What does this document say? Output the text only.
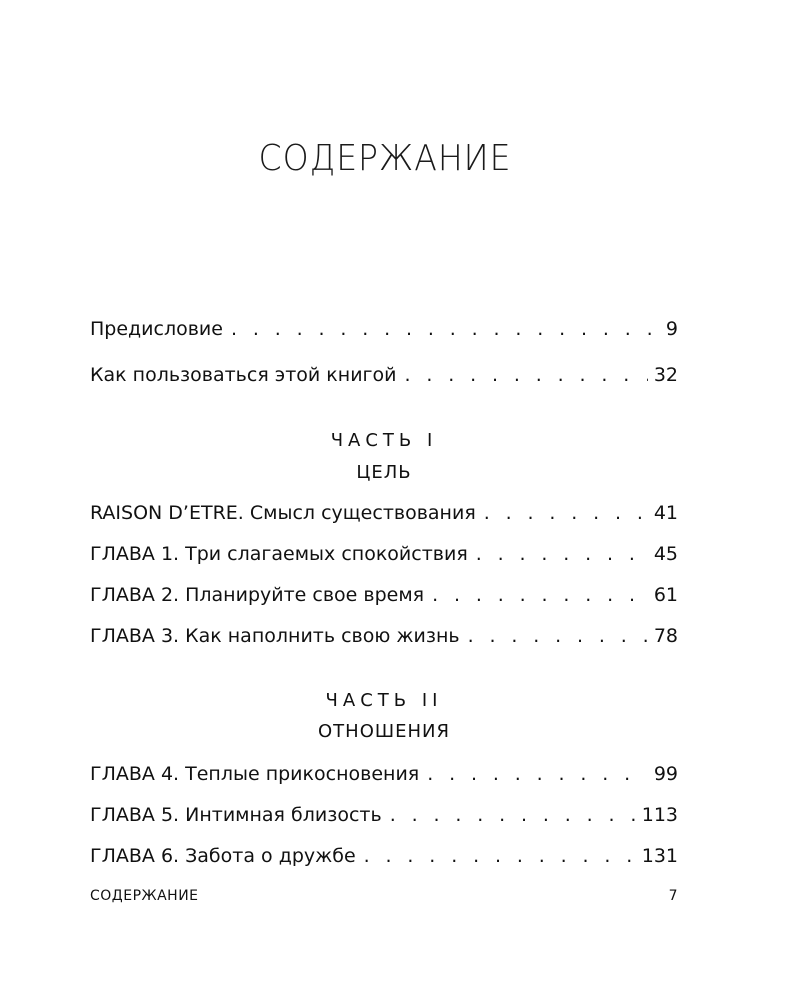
СОДЕРЖАНИЕ
Предисловие . . .	9
Как пользоваться этой книгой . . .	32
ЧАСТЬ I
ЦЕЛЬ
RAISON D’ETRE. Смысл существования . . .	41
ГЛАВА 1. Три слагаемых спокойствия . . .	45
ГЛАВА 2. Планируйте свое время . . .	61
ГЛАВА 3. Как наполнить свою жизнь . . .	78
ЧАСТЬ II
ОТНОШЕНИЯ
ГЛАВА 4. Теплые прикосновения . . .	99
ГЛАВА 5. Интимная близость . . .	113
ГЛАВА 6. Забота о дружбе . . .	131
СОДЕРЖАНИЕ	7
